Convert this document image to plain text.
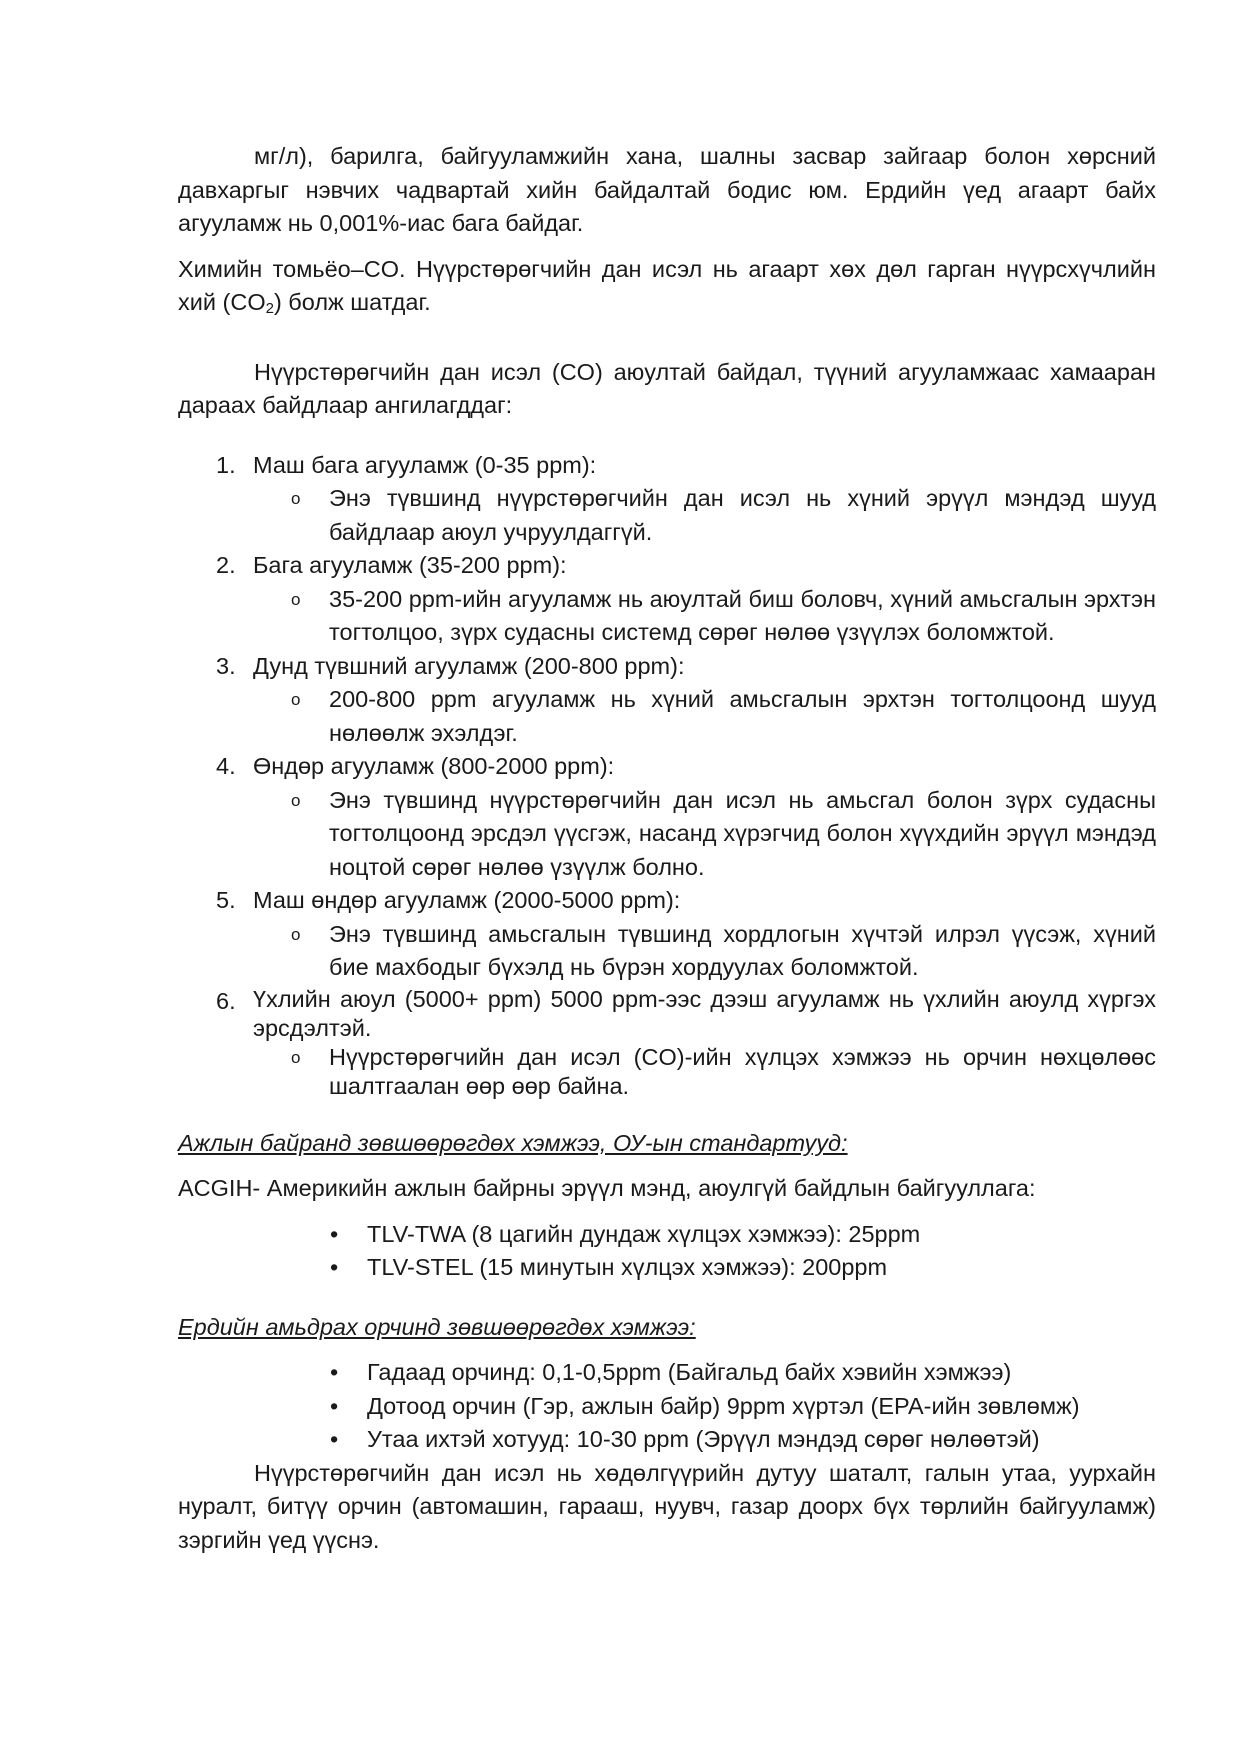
мг/л), барилга, байгууламжийн хана, шалны засвар зайгаар болон хөрсний давхаргыг нэвчих чадвартай хийн байдалтай бодис юм. Ердийн үед агаарт байх агууламж нь 0,001%-иас бага байдаг.

Химийн томьёо–CO. Нүүрстөрөгчийн дан исэл нь агаарт хөх дөл гарган нүүрсхүчлийн хий $(CO_2)$ болж шатдаг.

Нүүрстөрөгчийн дан исэл (CO) аюултай байдал, түүний агууламжаас хамааран дараах байдлаар ангилагддаг:

1. Маш бага агууламж (0-35 ppm):
o Энэ түвшинд нүүрстөрөгчийн дан исэл нь хүний эрүүл мэндэд шууд байдлаар аюул учруулдаггүй.
2. Бага агууламж (35-200 ppm):
o 35-200 ppm-ийн агууламж нь аюултай биш боловч, хүний амьсгалын эрхтэн тогтолцоо, зүрх судасны системд сөрөг нөлөө үзүүлэх боломжтой.
3. Дунд түвшний агууламж (200-800 ppm):
o 200-800 ppm агууламж нь хүний амьсгалын эрхтэн тогтолцоонд шууд нөлөөлж эхэлдэг.
4. Өндөр агууламж (800-2000 ppm):
o Энэ түвшинд нүүрстөрөгчийн дан исэл нь амьсгал болон зүрх судасны тогтолцоонд эрсдэл үүсгэж, насанд хүрэгчид болон хүүхдийн эрүүл мэндэд ноцтой сөрөг нөлөө үзүүлж болно.
5. Маш өндөр агууламж (2000-5000 ppm):
o Энэ түвшинд амьсгалын түвшинд хордлогын хүчтэй илрэл үүсэж, хүний бие махбодыг бүхэлд нь бүрэн хордуулах боломжтой.
6. Үхлийн аюул (5000+ ppm) 5000 ppm-ээс дээш агууламж нь үхлийн аюулд хүргэх эрсдэлтэй.
o Нүүрстөрөгчийн дан исэл (CO)-ийн хүлцэх хэмжээ нь орчин нөхцөлөөс шалтгаалан өөр өөр байна.

Ажлын байранд зөвшөөрөгдөх хэмжээ, ОУ-ын стандартууд:

ACGIH- Америкийн ажлын байрны эрүүл мэнд, аюулгүй байдлын байгууллага:

• TLV-TWA (8 цагийн дундаж хүлцэх хэмжээ): 25ppm
• TLV-STEL (15 минутын хүлцэх хэмжээ): 200ppm

Ердийн амьдрах орчинд зөвшөөрөгдөх хэмжээ:

• Гадаад орчинд: 0,1-0,5ppm (Байгальд байх хэвийн хэмжээ)
• Дотоод орчин (Гэр, ажлын байр) 9ppm хүртэл (EPA-ийн зөвлөмж)
• Утаа ихтэй хотууд: 10-30 ppm (Эрүүл мэндэд сөрөг нөлөөтэй)

Нүүрстөрөгчийн дан исэл нь хөдөлгүүрийн дутуу шаталт, галын утаа, уурхайн нуралт, битүү орчин (автомашин, гарааш, нуувч, газар доорх бүх төрлийн байгууламж) зэргийн үед үүснэ.
